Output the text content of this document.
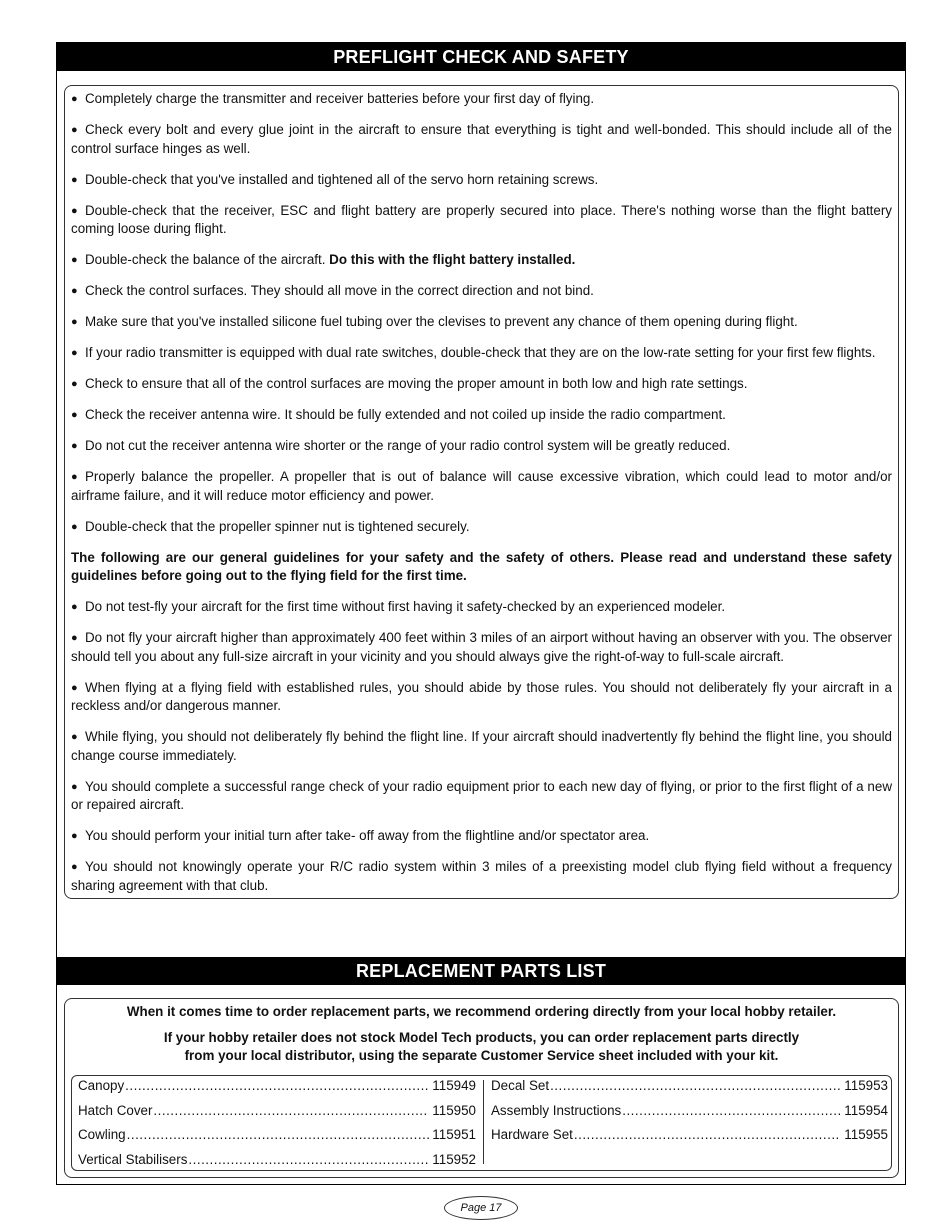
PREFLIGHT CHECK AND SAFETY
● Completely charge the transmitter and receiver batteries before your first day of flying.
● Check every bolt and every glue joint in the aircraft to ensure that everything is tight and well-bonded. This should include all of the control surface hinges as well.
● Double-check that you've installed and tightened all of the servo horn retaining screws.
● Double-check that the receiver, ESC and flight battery are properly secured into place. There's nothing worse than the flight battery coming loose during flight.
● Double-check the balance of the aircraft. Do this with the flight battery installed.
● Check the control surfaces. They should all move in the correct direction and not bind.
● Make sure that you've installed silicone fuel tubing over the clevises to prevent any chance of them opening during flight.
● If your radio transmitter is equipped with dual rate switches, double-check that they are on the low-rate setting for your first few flights.
● Check to ensure that all of the control surfaces are moving the proper amount in both low and high rate settings.
● Check the receiver antenna wire. It should be fully extended and not coiled up inside the radio compartment.
● Do not cut the receiver antenna wire shorter or the range of your radio control system will be greatly reduced.
● Properly balance the propeller. A propeller that is out of balance will cause excessive vibration, which could lead to motor and/or airframe failure, and it will reduce motor efficiency and power.
● Double-check that the propeller spinner nut is tightened securely.
The following are our general guidelines for your safety and the safety of others. Please read and understand these safety guidelines before going out to the flying field for the first time.
● Do not test-fly your aircraft for the first time without first having it safety-checked by an experienced modeler.
● Do not fly your aircraft higher than approximately 400 feet within 3 miles of an airport without having an observer with you. The observer should tell you about any full-size aircraft in your vicinity and you should always give the right-of-way to full-scale aircraft.
● When flying at a flying field with established rules, you should abide by those rules. You should not deliberately fly your aircraft in a reckless and/or dangerous manner.
● While flying, you should not deliberately fly behind the flight line. If your aircraft should inadvertently fly behind the flight line, you should change course immediately.
● You should complete a successful range check of your radio equipment prior to each new day of flying, or prior to the first flight of a new or repaired aircraft.
● You should perform your initial turn after take- off away from the flightline and/or spectator area.
● You should not knowingly operate your R/C radio system within 3 miles of a preexisting model club flying field without a frequency sharing agreement with that club.
REPLACEMENT PARTS LIST
When it comes time to order replacement parts, we recommend ordering directly from your local hobby retailer.
If your hobby retailer does not stock Model Tech products, you can order replacement parts directly
from your local distributor, using the separate Customer Service sheet included with your kit.
Canopy .....	115949
Hatch Cover .....	115950
Cowling .....	115951
Vertical Stabilisers .....	115952
Decal Set .....	115953
Assembly Instructions .....	115954
Hardware Set .....	115955
Page 17
